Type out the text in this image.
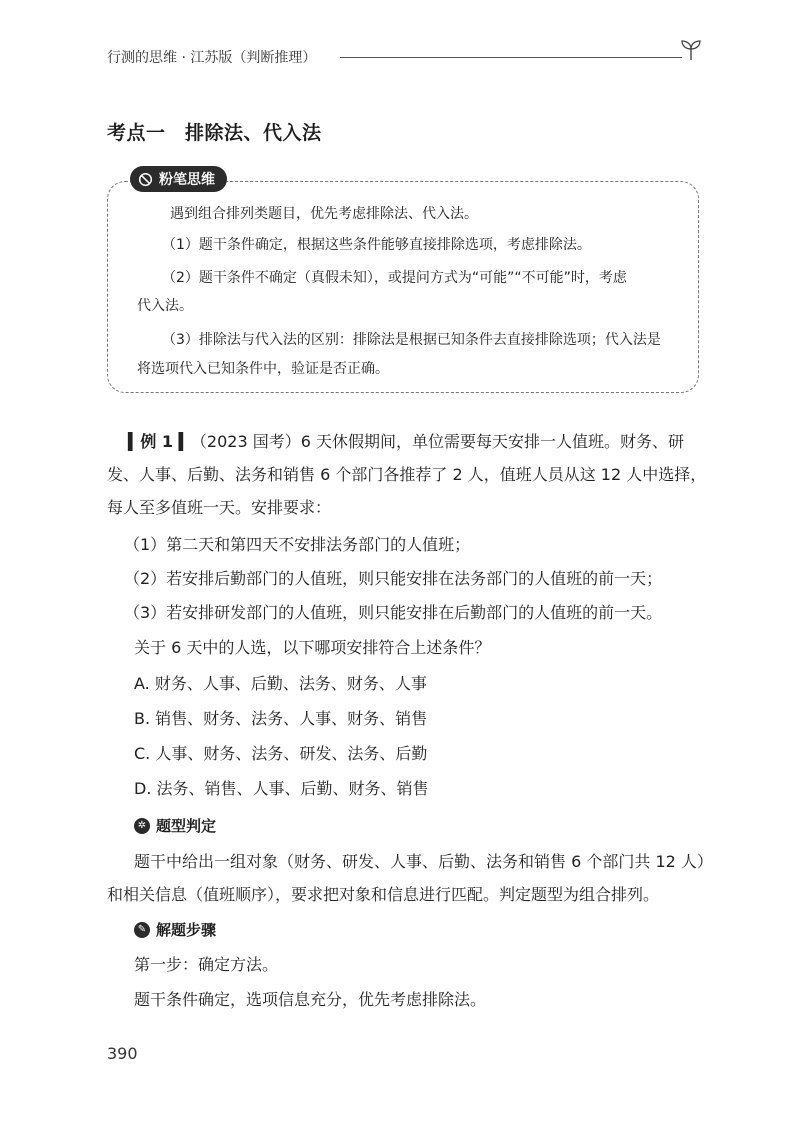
行测的思维 · 江苏版（判断推理）
考点一　排除法、代入法
粉笔思维
遇到组合排列类题目，优先考虑排除法、代入法。
（1）题干条件确定，根据这些条件能够直接排除选项，考虑排除法。
（2）题干条件不确定（真假未知），或提问方式为“可能”“不可能”时，考虑
代入法。
（3）排除法与代入法的区别：排除法是根据已知条件去直接排除选项；代入法是
将选项代入已知条件中，验证是否正确。
▍例 1 ▍（2023 国考）6 天休假期间，单位需要每天安排一人值班。财务、研
发、人事、后勤、法务和销售 6 个部门各推荐了 2 人，值班人员从这 12 人中选择，
每人至多值班一天。安排要求：
（1）第二天和第四天不安排法务部门的人值班；
（2）若安排后勤部门的人值班，则只能安排在法务部门的人值班的前一天；
（3）若安排研发部门的人值班，则只能安排在后勤部门的人值班的前一天。
关于 6 天中的人选，以下哪项安排符合上述条件？
A. 财务、人事、后勤、法务、财务、人事
B. 销售、财务、法务、人事、财务、销售
C. 人事、财务、法务、研发、法务、后勤
D. 法务、销售、人事、后勤、财务、销售
✲ 题型判定
题干中给出一组对象（财务、研发、人事、后勤、法务和销售 6 个部门共 12 人）
和相关信息（值班顺序），要求把对象和信息进行匹配。判定题型为组合排列。
✎ 解题步骤
第一步：确定方法。
题干条件确定，选项信息充分，优先考虑排除法。
390
